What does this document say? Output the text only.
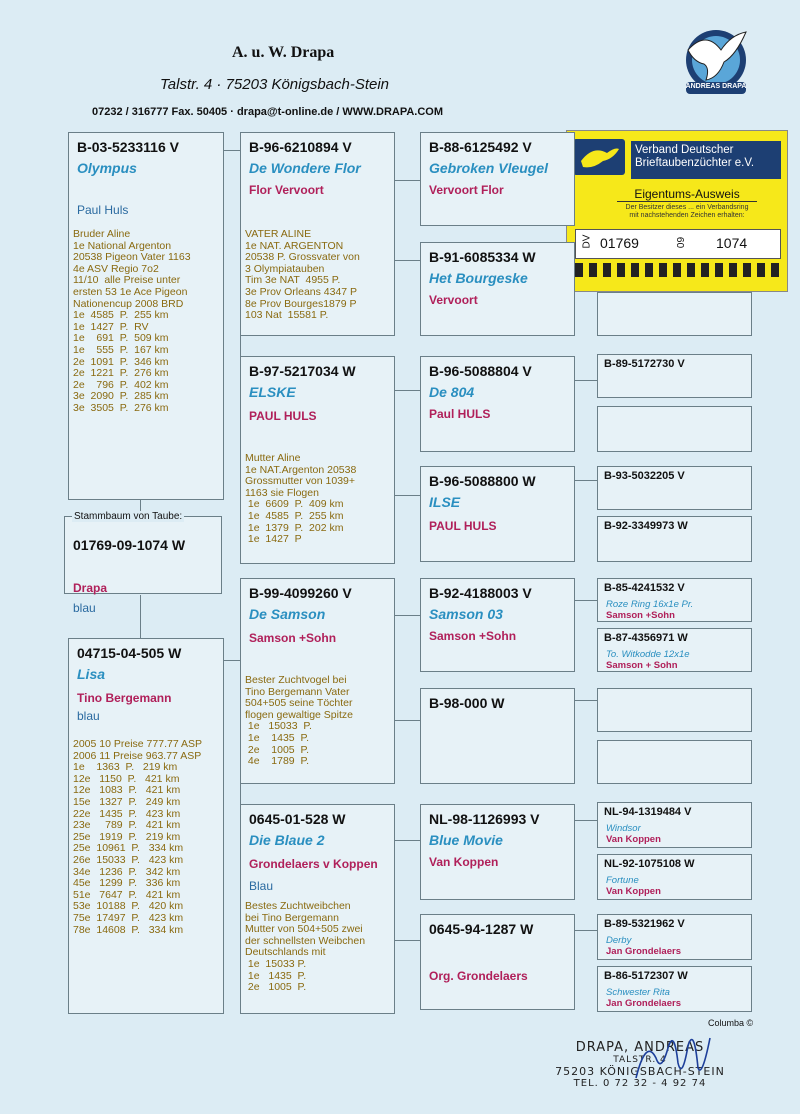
A. u. W. Drapa
Talstr. 4 · 75203 Königsbach-Stein
07232 / 316777 Fax. 50405 · drapa@t-online.de / WWW.DRAPA.COM
ANDREAS DRAPA
Verband Deutscher
Brieftaubenzüchter e.V.
Eigentums-Ausweis
Der Besitzer dieses ... ein Verbandsring
mit nachstehenden Zeichen erhalten:
DV 01769	09 1074
B-03-5233116 V
Olympus
Paul Huls
Bruder Aline
1e National Argenton
20538 Pigeon Vater 1163
4e ASV Regio 7o2
11/10  alle Preise unter
ersten 53 1e Ace Pigeon
Nationencup 2008 BRD
1e  4585  P.  255 km
1e  1427  P.  RV
1e    691  P.  509 km
1e    555  P.  167 km
2e  1091  P.  346 km
2e  1221  P.  276 km
2e    796  P.  402 km
3e  2090  P.  285 km
3e  3505  P.  276 km
Stammbaum von Taube:
01769-09-1074 W
Drapa
blau
04715-04-505 W
Lisa
Tino Bergemann
blau
2005 10 Preise 777.77 ASP
2006 11 Preise 963.77 ASP
1e    1363  P.   219 km
12e   1150  P.   421 km
12e   1083  P.   421 km
15e   1327  P.   249 km
22e   1435  P.   423 km
23e     789  P.   421 km
25e   1919  P.   219 km
25e  10961  P.   334 km
26e  15033  P.   423 km
34e   1236  P.   342 km
45e   1299  P.   336 km
51e   7647  P.   421 km
53e  10188  P.   420 km
75e  17497  P.   423 km
78e  14608  P.   334 km
B-96-6210894 V
De Wondere Flor
Flor Vervoort
VATER ALINE
1e NAT. ARGENTON
20538 P. Grossvater von
3 Olympiatauben
Tim 3e NAT  4955 P.
3e Prov Orleans 4347 P
8e Prov Bourges1879 P
103 Nat  15581 P.
B-97-5217034 W
ELSKE
PAUL HULS
Mutter Aline
1e NAT.Argenton 20538
Grossmutter von 1039+
1163 sie Flogen
1e  6609  P.  409 km
1e  4585  P.  255 km
1e  1379  P.  202 km
1e  1427  P
B-99-4099260 V
De Samson
Samson +Sohn
Bester Zuchtvogel bei
Tino Bergemann Vater
504+505 seine Töchter
flogen gewaltige Spitze
1e   15033  P.
1e    1435  P.
2e    1005  P.
4e    1789  P.
0645-01-528 W
Die Blaue 2
Grondelaers v Koppen
Blau
Bestes Zuchtweibchen
bei Tino Bergemann
Mutter von 504+505 zwei
der schnellsten Weibchen
Deutschlands mit
1e  15033 P.
1e   1435  P.
2e   1005  P.
B-88-6125492 V
Gebroken Vleugel
Vervoort Flor
B-91-6085334 W
Het Bourgeske
Vervoort
B-96-5088804 V
De 804
Paul HULS
B-96-5088800 W
ILSE
PAUL HULS
B-92-4188003 V
Samson 03
Samson +Sohn
B-98-000 W
NL-98-1126993 V
Blue Movie
Van Koppen
0645-94-1287 W
Org. Grondelaers
B-89-5172730 V
B-93-5032205 V
B-92-3349973 W
B-85-4241532 V
Roze Ring 16x1e Pr.
Samson +Sohn
B-87-4356971 W
To. Witkodde 12x1e
Samson + Sohn
NL-94-1319484 V
Windsor
Van Koppen
NL-92-1075108 W
Fortune
Van Koppen
B-89-5321962 V
Derby
Jan Grondelaers
B-86-5172307 W
Schwester Rita
Jan Grondelaers
Columba ©
DRAPA, ANDREAS
TALSTR. 4
75203 KÖNIGSBACH-STEIN
TEL. 0 72 32 - 4 92 74
